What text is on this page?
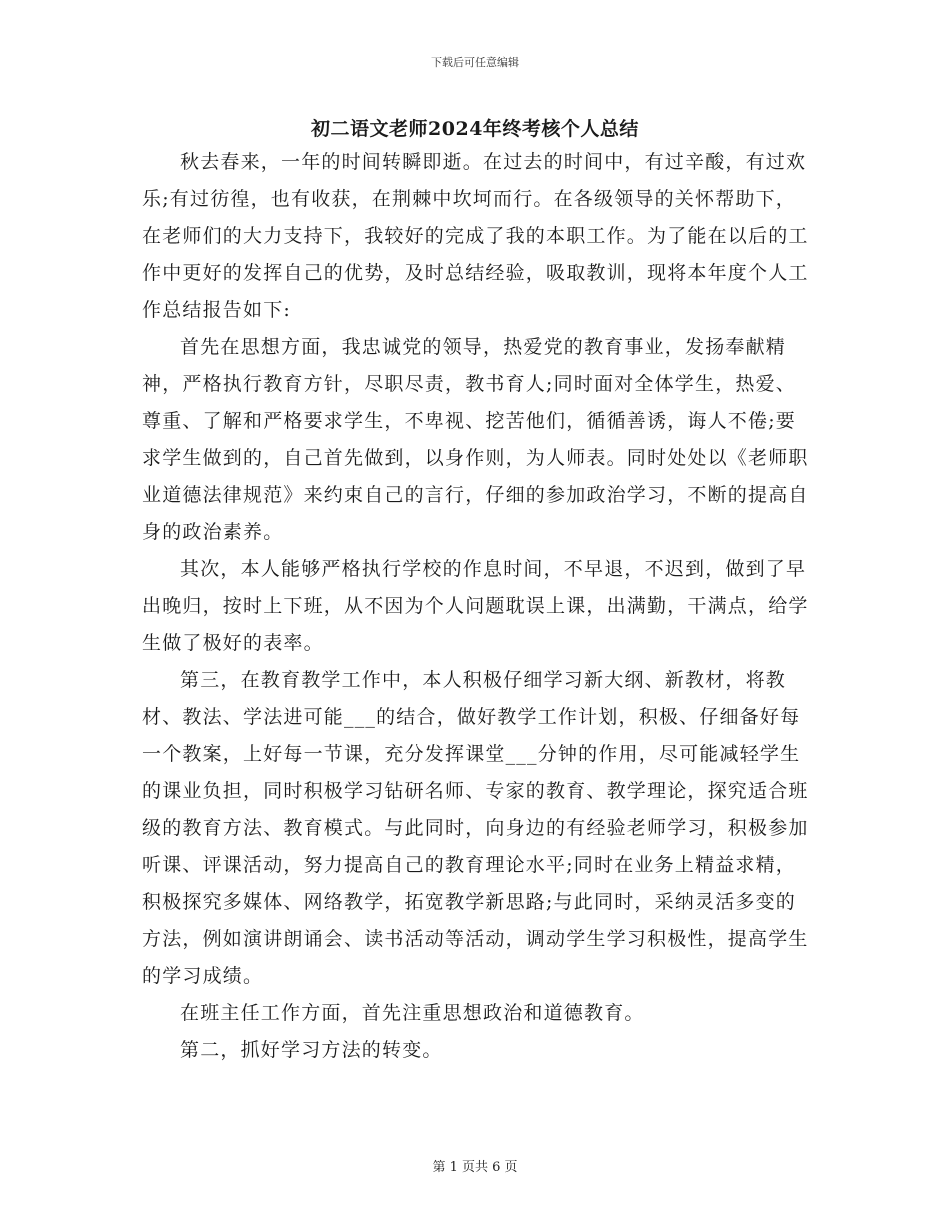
下载后可任意编辑
初二语文老师2024年终考核个人总结

秋去春来，一年的时间转瞬即逝。在过去的时间中，有过辛酸，有过欢乐;有过彷徨，也有收获，在荆棘中坎坷而行。在各级领导的关怀帮助下，在老师们的大力支持下，我较好的完成了我的本职工作。为了能在以后的工作中更好的发挥自己的优势，及时总结经验，吸取教训，现将本年度个人工作总结报告如下:

首先在思想方面，我忠诚党的领导，热爱党的教育事业，发扬奉献精神，严格执行教育方针，尽职尽责，教书育人;同时面对全体学生，热爱、尊重、了解和严格要求学生，不卑视、挖苦他们，循循善诱，诲人不倦;要求学生做到的，自己首先做到，以身作则，为人师表。同时处处以《老师职业道德法律规范》来约束自己的言行，仔细的参加政治学习，不断的提高自身的政治素养。

其次，本人能够严格执行学校的作息时间，不早退，不迟到，做到了早出晚归，按时上下班，从不因为个人问题耽误上课，出满勤，干满点，给学生做了极好的表率。

第三，在教育教学工作中，本人积极仔细学习新大纲、新教材，将教材、教法、学法进可能___的结合，做好教学工作计划，积极、仔细备好每一个教案，上好每一节课，充分发挥课堂___分钟的作用，尽可能减轻学生的课业负担，同时积极学习钻研名师、专家的教育、教学理论，探究适合班级的教育方法、教育模式。与此同时，向身边的有经验老师学习，积极参加听课、评课活动，努力提高自己的教育理论水平;同时在业务上精益求精，积极探究多媒体、网络教学，拓宽教学新思路;与此同时，采纳灵活多变的方法，例如演讲朗诵会、读书活动等活动，调动学生学习积极性，提高学生的学习成绩。

在班主任工作方面，首先注重思想政治和道德教育。

第二，抓好学习方法的转变。

第 1 页共 6 页
